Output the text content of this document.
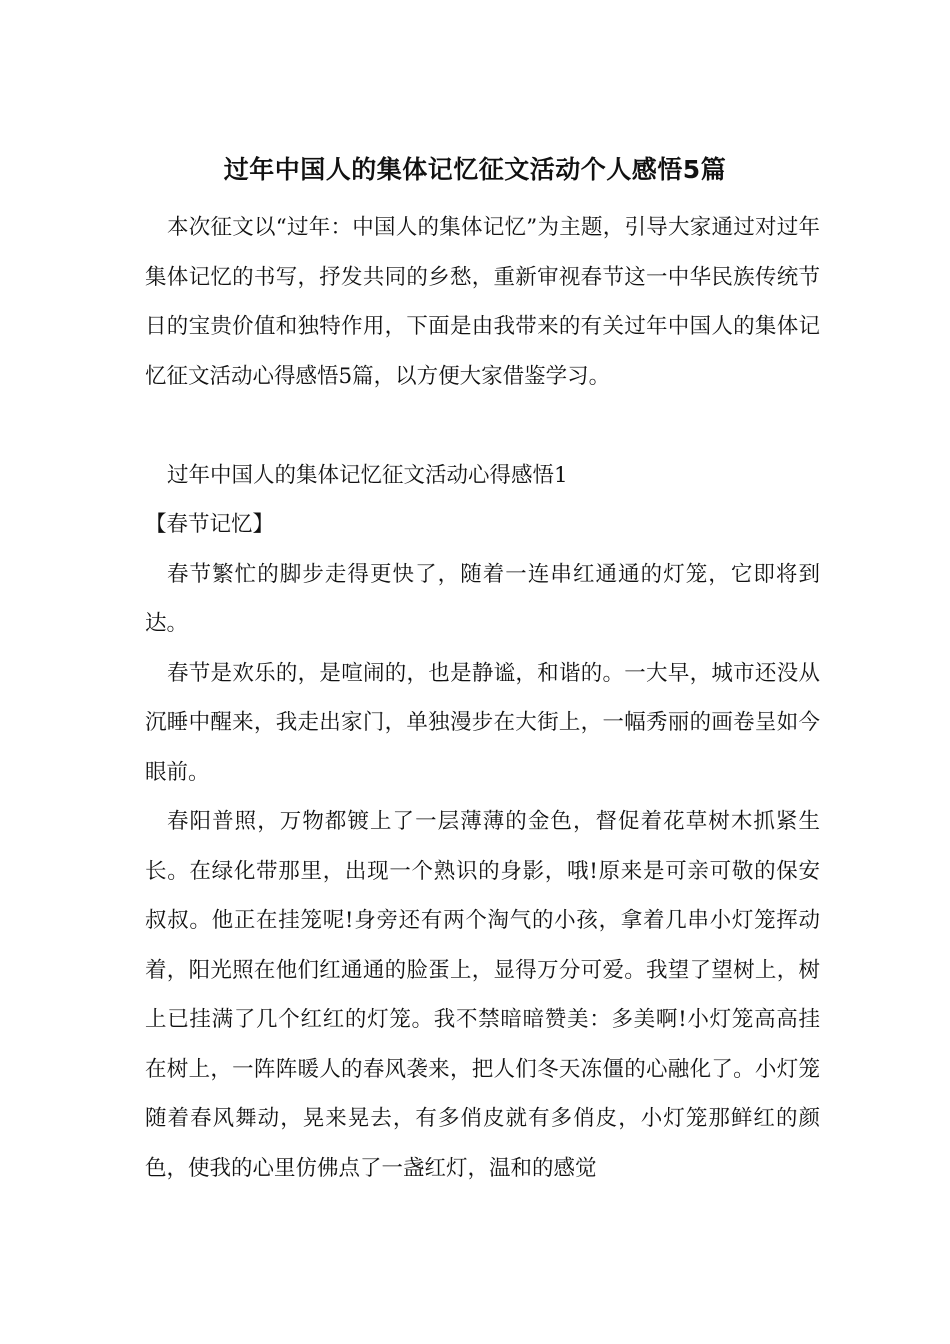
过年中国人的集体记忆征文活动个人感悟5篇

本次征文以“过年：中国人的集体记忆”为主题，引导大家通过对过年集体记忆的书写，抒发共同的乡愁，重新审视春节这一中华民族传统节日的宝贵价值和独特作用，下面是由我带来的有关过年中国人的集体记忆征文活动心得感悟5篇，以方便大家借鉴学习。

过年中国人的集体记忆征文活动心得感悟1

【春节记忆】

春节繁忙的脚步走得更快了，随着一连串红通通的灯笼，它即将到达。

春节是欢乐的，是喧闹的，也是静谧，和谐的。一大早，城市还没从沉睡中醒来，我走出家门，单独漫步在大街上，一幅秀丽的画卷呈如今眼前。

春阳普照，万物都镀上了一层薄薄的金色，督促着花草树木抓紧生长。在绿化带那里，出现一个熟识的身影，哦!原来是可亲可敬的保安叔叔。他正在挂笼呢!身旁还有两个淘气的小孩，拿着几串小灯笼挥动着，阳光照在他们红通通的脸蛋上，显得万分可爱。我望了望树上，树上已挂满了几个红红的灯笼。我不禁暗暗赞美：多美啊!小灯笼高高挂在树上，一阵阵暖人的春风袭来，把人们冬天冻僵的心融化了。小灯笼随着春风舞动，晃来晃去，有多俏皮就有多俏皮，小灯笼那鲜红的颜色，使我的心里仿佛点了一盏红灯，温和的感觉
